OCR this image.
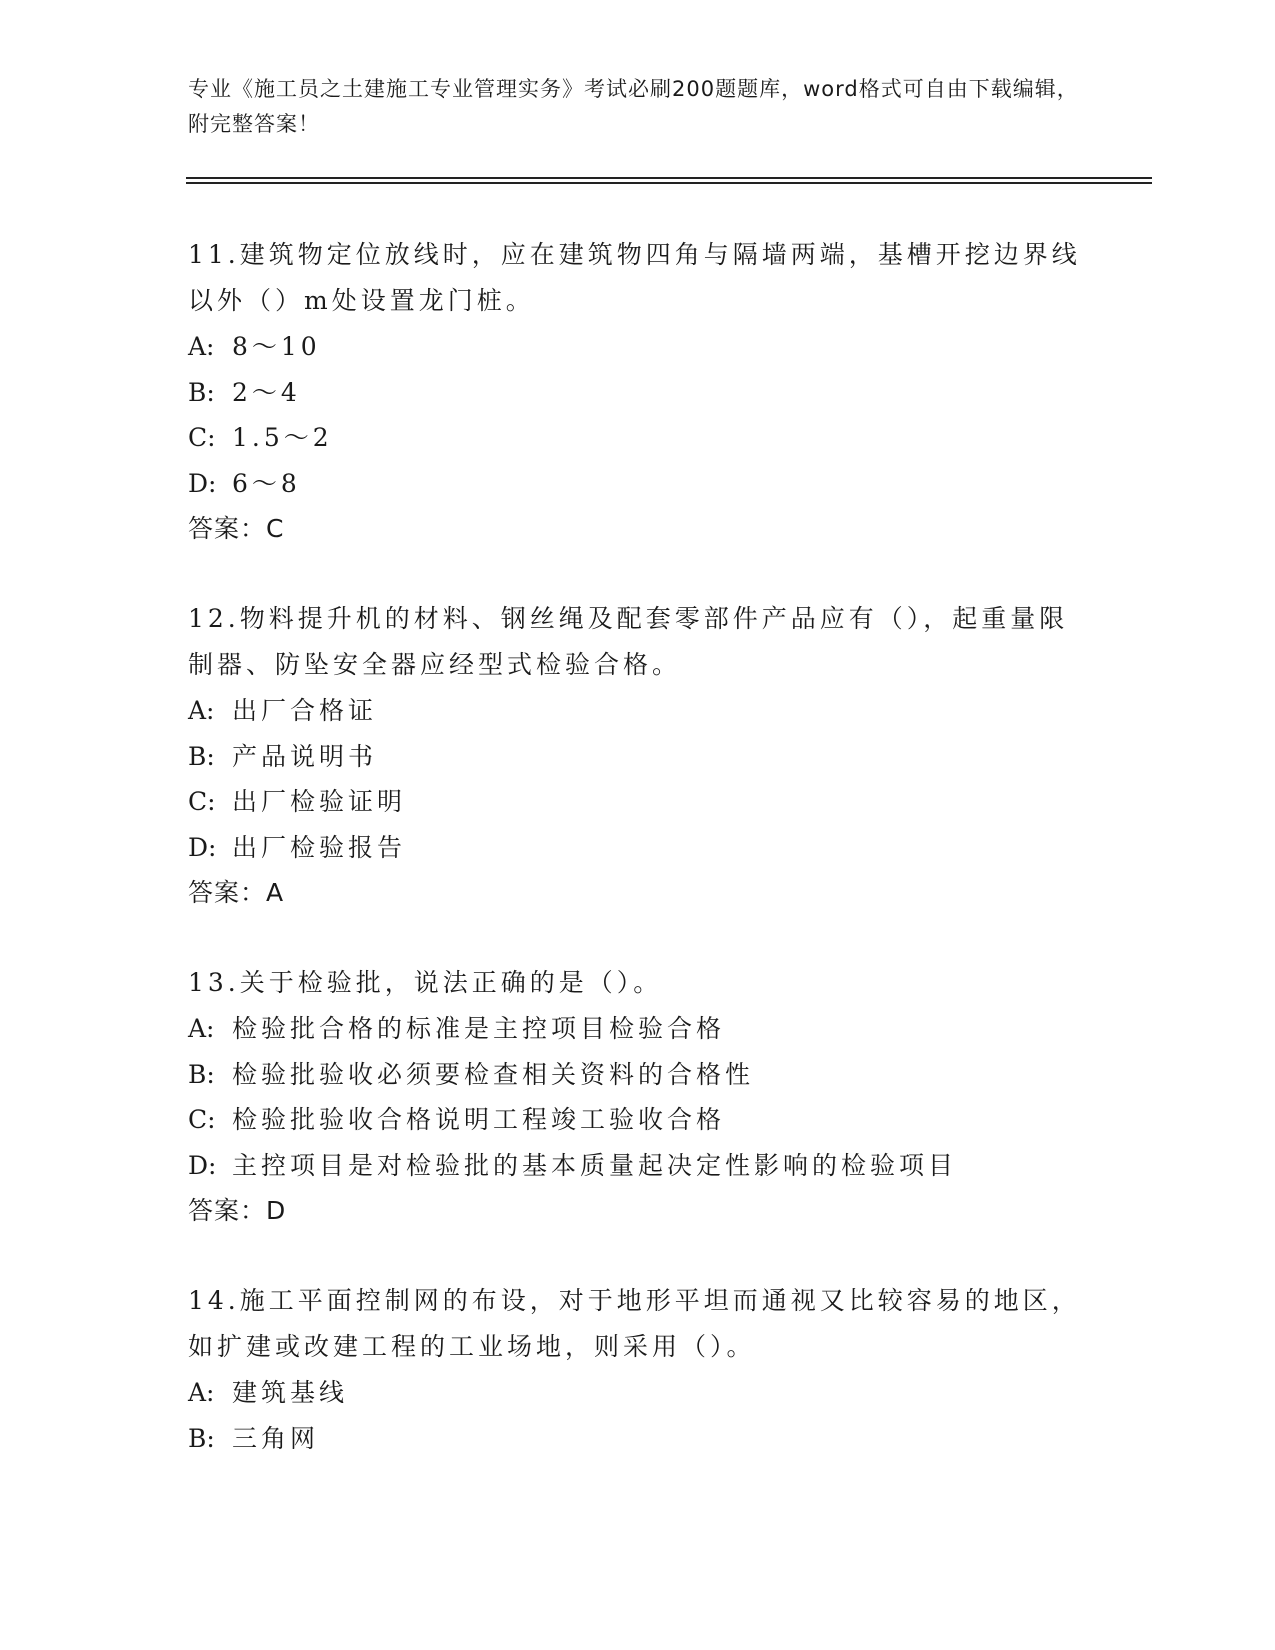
专业《施工员之土建施工专业管理实务》考试必刷200题题库，word格式可自由下载编辑，附完整答案！

11.建筑物定位放线时，应在建筑物四角与隔墙两端，基槽开挖边界线以外（）m处设置龙门桩。

A: 8～10
B: 2～4
C: 1.5～2
D: 6～8
答案：C

12.物料提升机的材料、钢丝绳及配套零部件产品应有（），起重量限制器、防坠安全器应经型式检验合格。

A: 出厂合格证
B: 产品说明书
C: 出厂检验证明
D: 出厂检验报告
答案：A

13.关于检验批，说法正确的是（）。

A: 检验批合格的标准是主控项目检验合格
B: 检验批验收必须要检查相关资料的合格性
C: 检验批验收合格说明工程竣工验收合格
D: 主控项目是对检验批的基本质量起决定性影响的检验项目
答案：D

14.施工平面控制网的布设，对于地形平坦而通视又比较容易的地区，如扩建或改建工程的工业场地，则采用（）。

A: 建筑基线
B: 三角网
